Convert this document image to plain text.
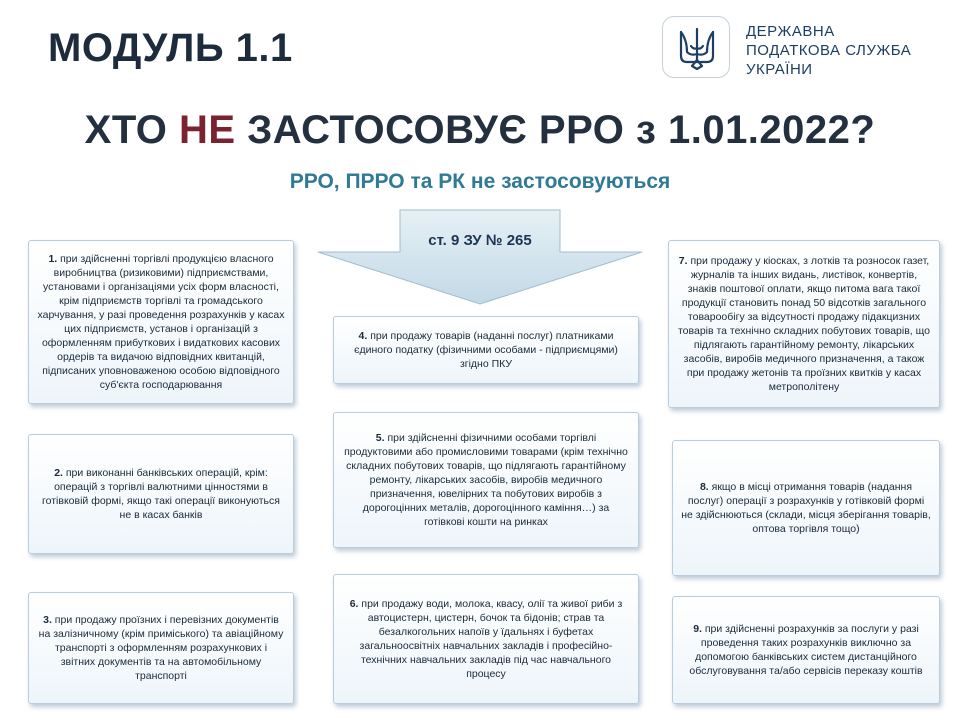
МОДУЛЬ 1.1	ДЕРЖАВНА
ПОДАТКОВА СЛУЖБА
УКРАЇНИ
ХТО НЕ ЗАСТОСОВУЄ РРО з 1.01.2022?
РРО, ПРРО та РК не застосовуються
ст. 9 ЗУ № 265

1. при здійсненні торгівлі продукцією власного виробництва (ризиковими) підприємствами, установами і організаціями усіх форм власності, крім підприємств торгівлі та громадського харчування, у разі проведення розрахунків у касах цих підприємств, установ і організацій з оформленням прибуткових і видаткових касових ордерів та видачою відповідних квитанцій, підписаних уповноваженою особою відповідного суб'єкта господарювання

2. при виконанні банківських операцій, крім: операцій з торгівлі валютними цінностями в готівковій формі, якщо такі операції виконуються не в касах банків

3. при продажу проїзних і перевізних документів на залізничному (крім приміського) та авіаційному транспорті з оформленням розрахункових і звітних документів та на автомобільному транспорті

4. при продажу товарів (наданні послуг) платниками єдиного податку (фізичними особами - підприємцями) згідно ПКУ

5. при здійсненні фізичними особами торгівлі продуктовими або промисловими товарами (крім технічно складних побутових товарів, що підлягають гарантійному ремонту, лікарських засобів, виробів медичного призначення, ювелірних та побутових виробів з дорогоцінних металів, дорогоцінного каміння…) за готівкові кошти на ринках

6. при продажу води, молока, квасу, олії та живої риби з автоцистерн, цистерн, бочок та бідонів; страв та безалкогольних напоїв у їдальнях і буфетах загальноосвітніх навчальних закладів і професійно-технічних навчальних закладів під час навчального процесу

7. при продажу у кіосках, з лотків та розносок газет, журналів та інших видань, листівок, конвертів, знаків поштової оплати, якщо питома вага такої продукції становить понад 50 відсотків загального товарообігу за відсутності продажу підакцизних товарів та технічно складних побутових товарів, що підлягають гарантійному ремонту, лікарських засобів, виробів медичного призначення, а також при продажу жетонів та проїзних квитків у касах метрополітену

8. якщо в місці отримання товарів (надання послуг) операції з розрахунків у готівковій формі не здійснюються (склади, місця зберігання товарів, оптова торгівля тощо)

9. при здійсненні розрахунків за послуги у разі проведення таких розрахунків виключно за допомогою банківських систем дистанційного обслуговування та/або сервісів переказу коштів
